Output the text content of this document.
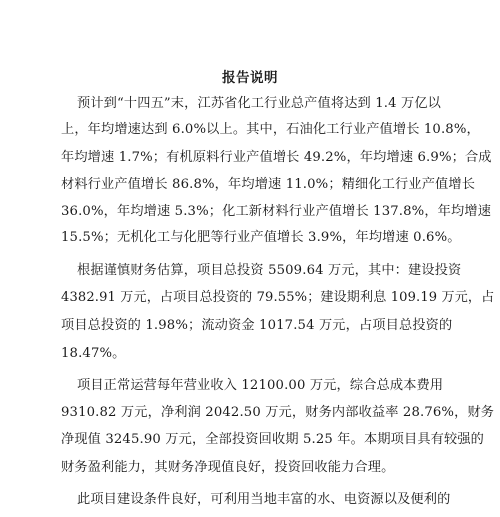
报告说明
预计到“十四五”末，江苏省化工行业总产值将达到 1.4 万亿以
上，年均增速达到 6.0%以上。其中，石油化工行业产值增长 10.8%，
年均增速 1.7%；有机原料行业产值增长 49.2%，年均增速 6.9%；合成
材料行业产值增长 86.8%，年均增速 11.0%；精细化工行业产值增长
36.0%，年均增速 5.3%；化工新材料行业产值增长 137.8%，年均增速
15.5%；无机化工与化肥等行业产值增长 3.9%，年均增速 0.6%。
根据谨慎财务估算，项目总投资 5509.64 万元，其中：建设投资
4382.91 万元，占项目总投资的 79.55%；建设期利息 109.19 万元，占
项目总投资的 1.98%；流动资金 1017.54 万元，占项目总投资的
18.47%。
项目正常运营每年营业收入 12100.00 万元，综合总成本费用
9310.82 万元，净利润 2042.50 万元，财务内部收益率 28.76%，财务
净现值 3245.90 万元，全部投资回收期 5.25 年。本期项目具有较强的
财务盈利能力，其财务净现值良好，投资回收能力合理。
此项目建设条件良好，可利用当地丰富的水、电资源以及便利的
